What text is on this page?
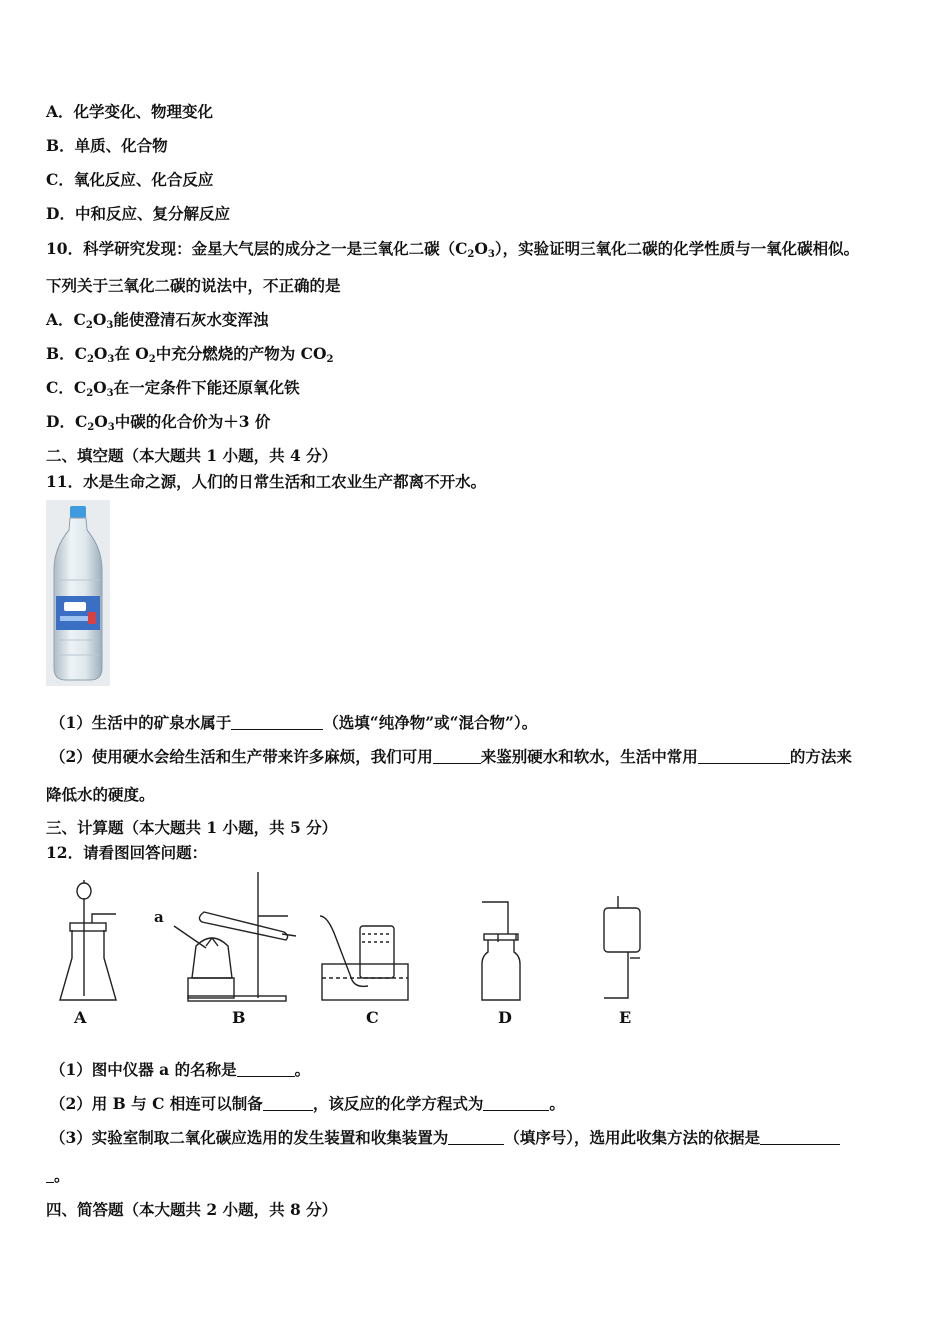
A．化学变化、物理变化
B．单质、化合物
C．氧化反应、化合反应
D．中和反应、复分解反应
10．科学研究发现：金星大气层的成分之一是三氧化二碳$(C_2O_3)$，实验证明三氧化二碳的化学性质与一氧化碳相似。
下列关于三氧化二碳的说法中，不正确的是
A．$C_2O_3$能使澄清石灰水变浑浊
B．$C_2O_3$在 $O_2$中充分燃烧的产物为 $CO_2$
C．$C_2O_3$在一定条件下能还原氧化铁
D．$C_2O_3$中碳的化合价为＋3 价
二、填空题（本大题共 1 小题，共 4 分）
11．水是生命之源，人们的日常生活和工农业生产都离不开水。
（1）生活中的矿泉水属于	（选填“纯净物”或“混合物”）。
（2）使用硬水会给生活和生产带来许多麻烦，我们可用	来鉴别硬水和软水，生活中常用	的方法来
降低水的硬度。
三、计算题（本大题共 1 小题，共 5 分）
12．请看图回答问题：
A	B	C	D	E
a
（1）图中仪器 a 的名称是	。
（2）用 B 与 C 相连可以制备	，该反应的化学方程式为	。
（3）实验室制取二氧化碳应选用的发生装置和收集装置为	（填序号），选用此收集方法的依据是
。
四、简答题（本大题共 2 小题，共 8 分）
